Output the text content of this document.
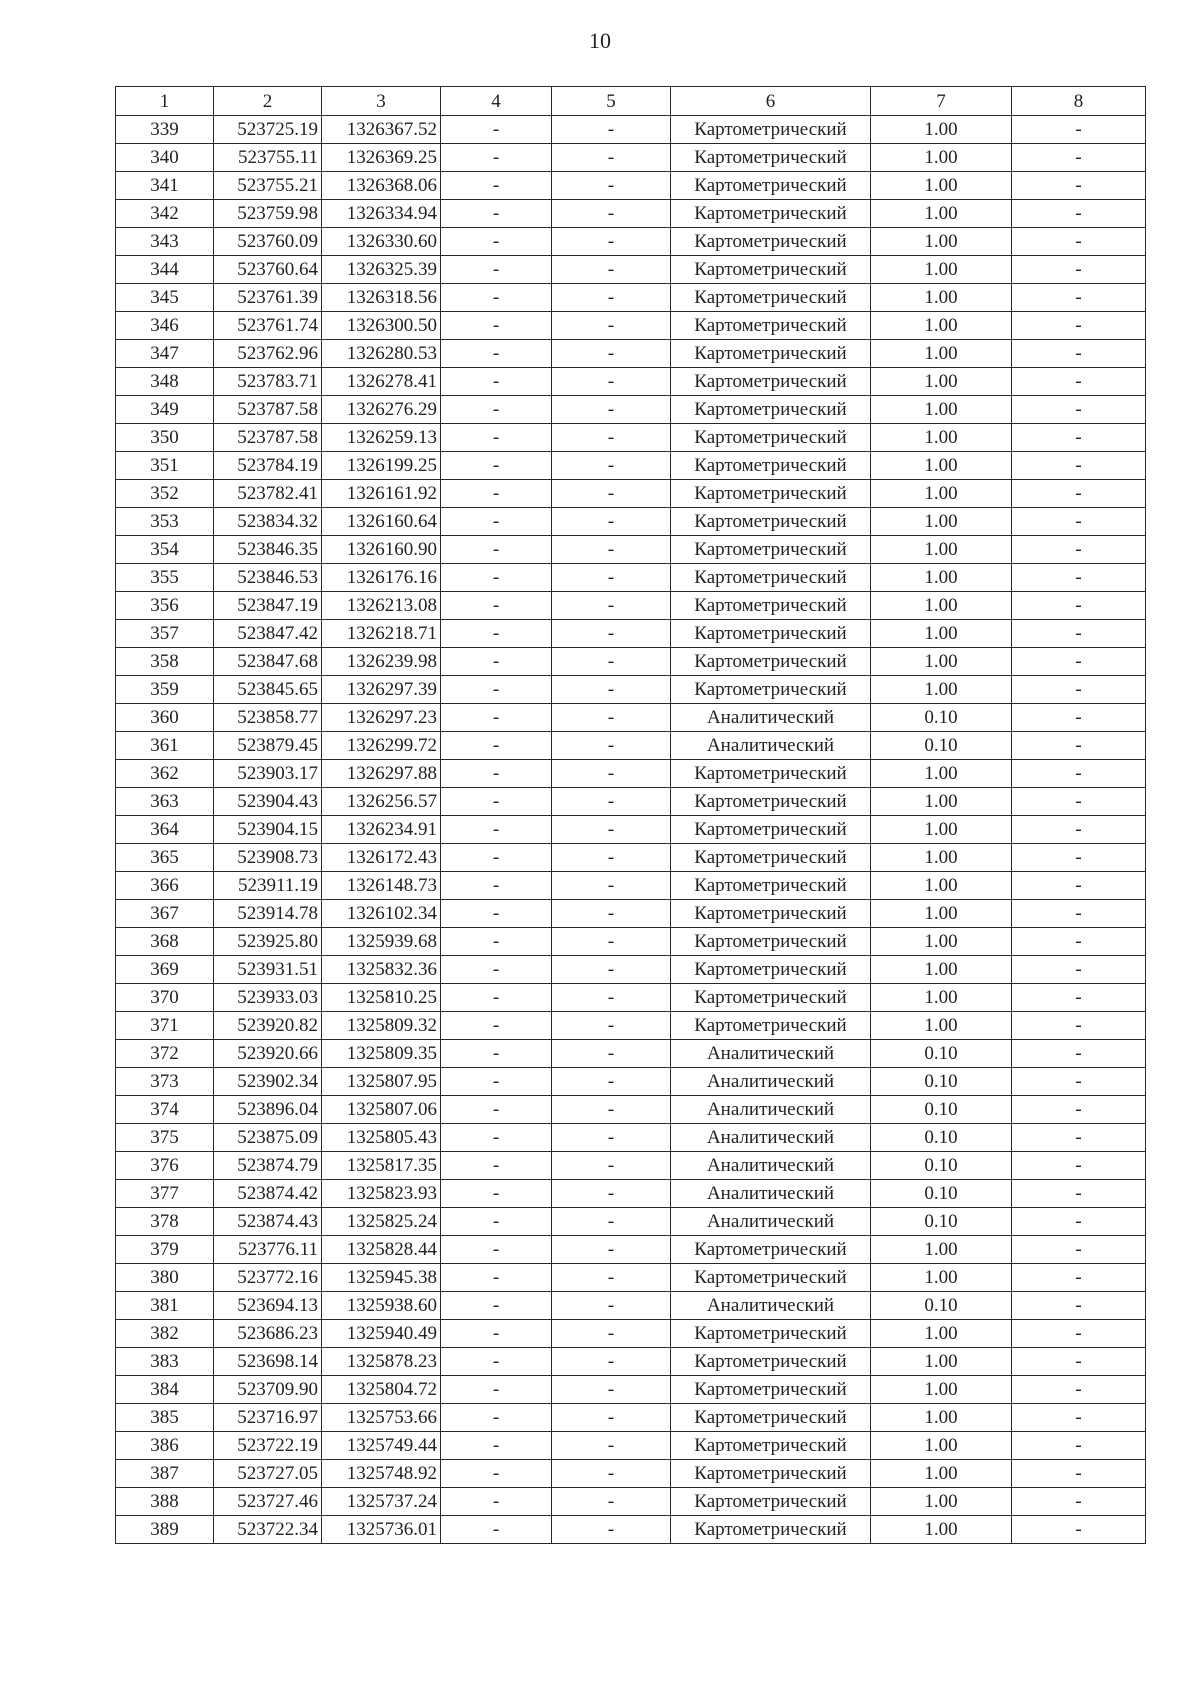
10
1	2	3	4	5	6	7	8
339	523725.19	1326367.52	-	-	Картометрический	1.00	-
340	523755.11	1326369.25	-	-	Картометрический	1.00	-
341	523755.21	1326368.06	-	-	Картометрический	1.00	-
342	523759.98	1326334.94	-	-	Картометрический	1.00	-
343	523760.09	1326330.60	-	-	Картометрический	1.00	-
344	523760.64	1326325.39	-	-	Картометрический	1.00	-
345	523761.39	1326318.56	-	-	Картометрический	1.00	-
346	523761.74	1326300.50	-	-	Картометрический	1.00	-
347	523762.96	1326280.53	-	-	Картометрический	1.00	-
348	523783.71	1326278.41	-	-	Картометрический	1.00	-
349	523787.58	1326276.29	-	-	Картометрический	1.00	-
350	523787.58	1326259.13	-	-	Картометрический	1.00	-
351	523784.19	1326199.25	-	-	Картометрический	1.00	-
352	523782.41	1326161.92	-	-	Картометрический	1.00	-
353	523834.32	1326160.64	-	-	Картометрический	1.00	-
354	523846.35	1326160.90	-	-	Картометрический	1.00	-
355	523846.53	1326176.16	-	-	Картометрический	1.00	-
356	523847.19	1326213.08	-	-	Картометрический	1.00	-
357	523847.42	1326218.71	-	-	Картометрический	1.00	-
358	523847.68	1326239.98	-	-	Картометрический	1.00	-
359	523845.65	1326297.39	-	-	Картометрический	1.00	-
360	523858.77	1326297.23	-	-	Аналитический	0.10	-
361	523879.45	1326299.72	-	-	Аналитический	0.10	-
362	523903.17	1326297.88	-	-	Картометрический	1.00	-
363	523904.43	1326256.57	-	-	Картометрический	1.00	-
364	523904.15	1326234.91	-	-	Картометрический	1.00	-
365	523908.73	1326172.43	-	-	Картометрический	1.00	-
366	523911.19	1326148.73	-	-	Картометрический	1.00	-
367	523914.78	1326102.34	-	-	Картометрический	1.00	-
368	523925.80	1325939.68	-	-	Картометрический	1.00	-
369	523931.51	1325832.36	-	-	Картометрический	1.00	-
370	523933.03	1325810.25	-	-	Картометрический	1.00	-
371	523920.82	1325809.32	-	-	Картометрический	1.00	-
372	523920.66	1325809.35	-	-	Аналитический	0.10	-
373	523902.34	1325807.95	-	-	Аналитический	0.10	-
374	523896.04	1325807.06	-	-	Аналитический	0.10	-
375	523875.09	1325805.43	-	-	Аналитический	0.10	-
376	523874.79	1325817.35	-	-	Аналитический	0.10	-
377	523874.42	1325823.93	-	-	Аналитический	0.10	-
378	523874.43	1325825.24	-	-	Аналитический	0.10	-
379	523776.11	1325828.44	-	-	Картометрический	1.00	-
380	523772.16	1325945.38	-	-	Картометрический	1.00	-
381	523694.13	1325938.60	-	-	Аналитический	0.10	-
382	523686.23	1325940.49	-	-	Картометрический	1.00	-
383	523698.14	1325878.23	-	-	Картометрический	1.00	-
384	523709.90	1325804.72	-	-	Картометрический	1.00	-
385	523716.97	1325753.66	-	-	Картометрический	1.00	-
386	523722.19	1325749.44	-	-	Картометрический	1.00	-
387	523727.05	1325748.92	-	-	Картометрический	1.00	-
388	523727.46	1325737.24	-	-	Картометрический	1.00	-
389	523722.34	1325736.01	-	-	Картометрический	1.00	-
